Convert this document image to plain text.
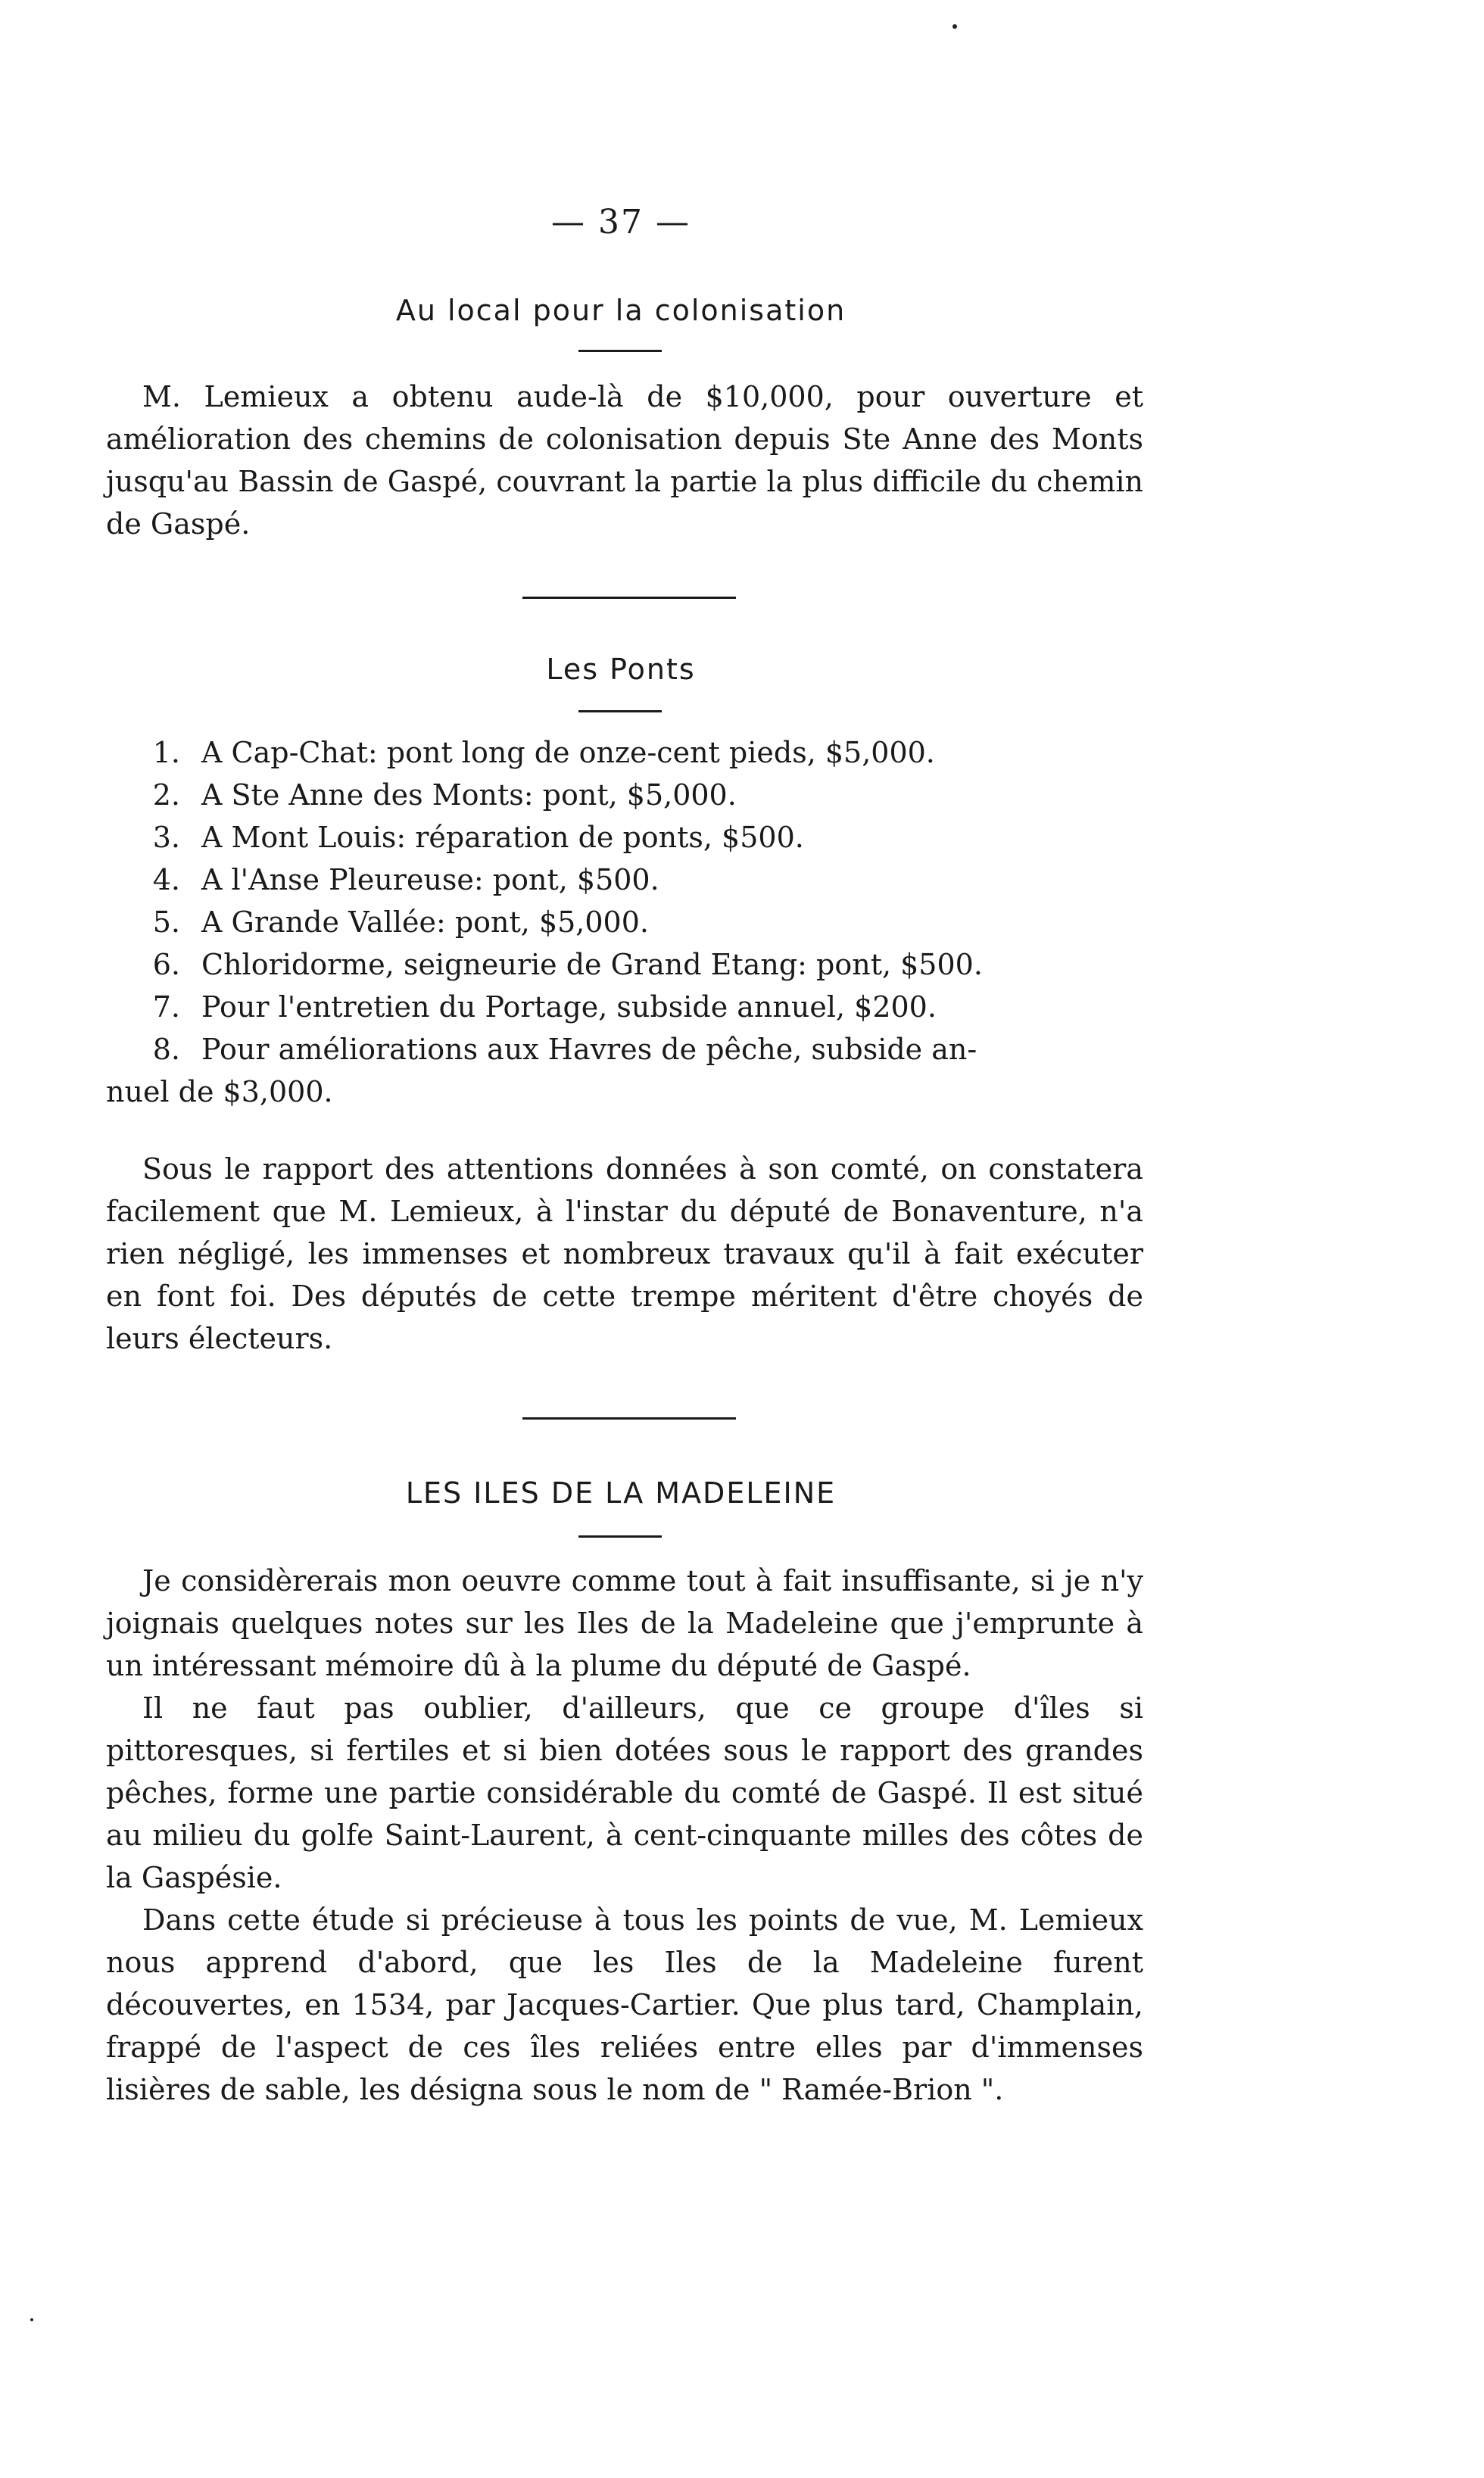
— 37 —
Au local pour la colonisation

M. Lemieux a obtenu aude-là de $10,000, pour ouverture et amélioration des chemins de colonisation depuis Ste Anne des Monts jusqu'au Bassin de Gaspé, couvrant la partie la plus difficile du chemin de Gaspé.

Les Ponts
1. A Cap-Chat: pont long de onze-cent pieds, $5,000.
2. A Ste Anne des Monts: pont, $5,000.
3. A Mont Louis: réparation de ponts, $500.
4. A l'Anse Pleureuse: pont, $500.
5. A Grande Vallée: pont, $5,000.
6. Chloridorme, seigneurie de Grand Etang: pont, $500.
7. Pour l'entretien du Portage, subside annuel, $200.
8. Pour améliorations aux Havres de pêche, subside an-
nuel de $3,000.

Sous le rapport des attentions données à son comté, on constatera facilement que M. Lemieux, à l'instar du député de Bonaventure, n'a rien négligé, les immenses et nombreux travaux qu'il à fait exécuter en font foi. Des députés de cette trempe méritent d'être choyés de leurs électeurs.

LES ILES DE LA MADELEINE

Je considèrerais mon oeuvre comme tout à fait insuffisante, si je n'y joignais quelques notes sur les Iles de la Madeleine que j'emprunte à un intéressant mémoire dû à la plume du député de Gaspé.

Il ne faut pas oublier, d'ailleurs, que ce groupe d'îles si pittoresques, si fertiles et si bien dotées sous le rapport des grandes pêches, forme une partie considérable du comté de Gaspé. Il est situé au milieu du golfe Saint-Laurent, à cent-cinquante milles des côtes de la Gaspésie.

Dans cette étude si précieuse à tous les points de vue, M. Lemieux nous apprend d'abord, que les Iles de la Madeleine furent découvertes, en 1534, par Jacques-Cartier. Que plus tard, Champlain, frappé de l'aspect de ces îles reliées entre elles par d'immenses lisières de sable, les désigna sous le nom de " Ramée-Brion ".
